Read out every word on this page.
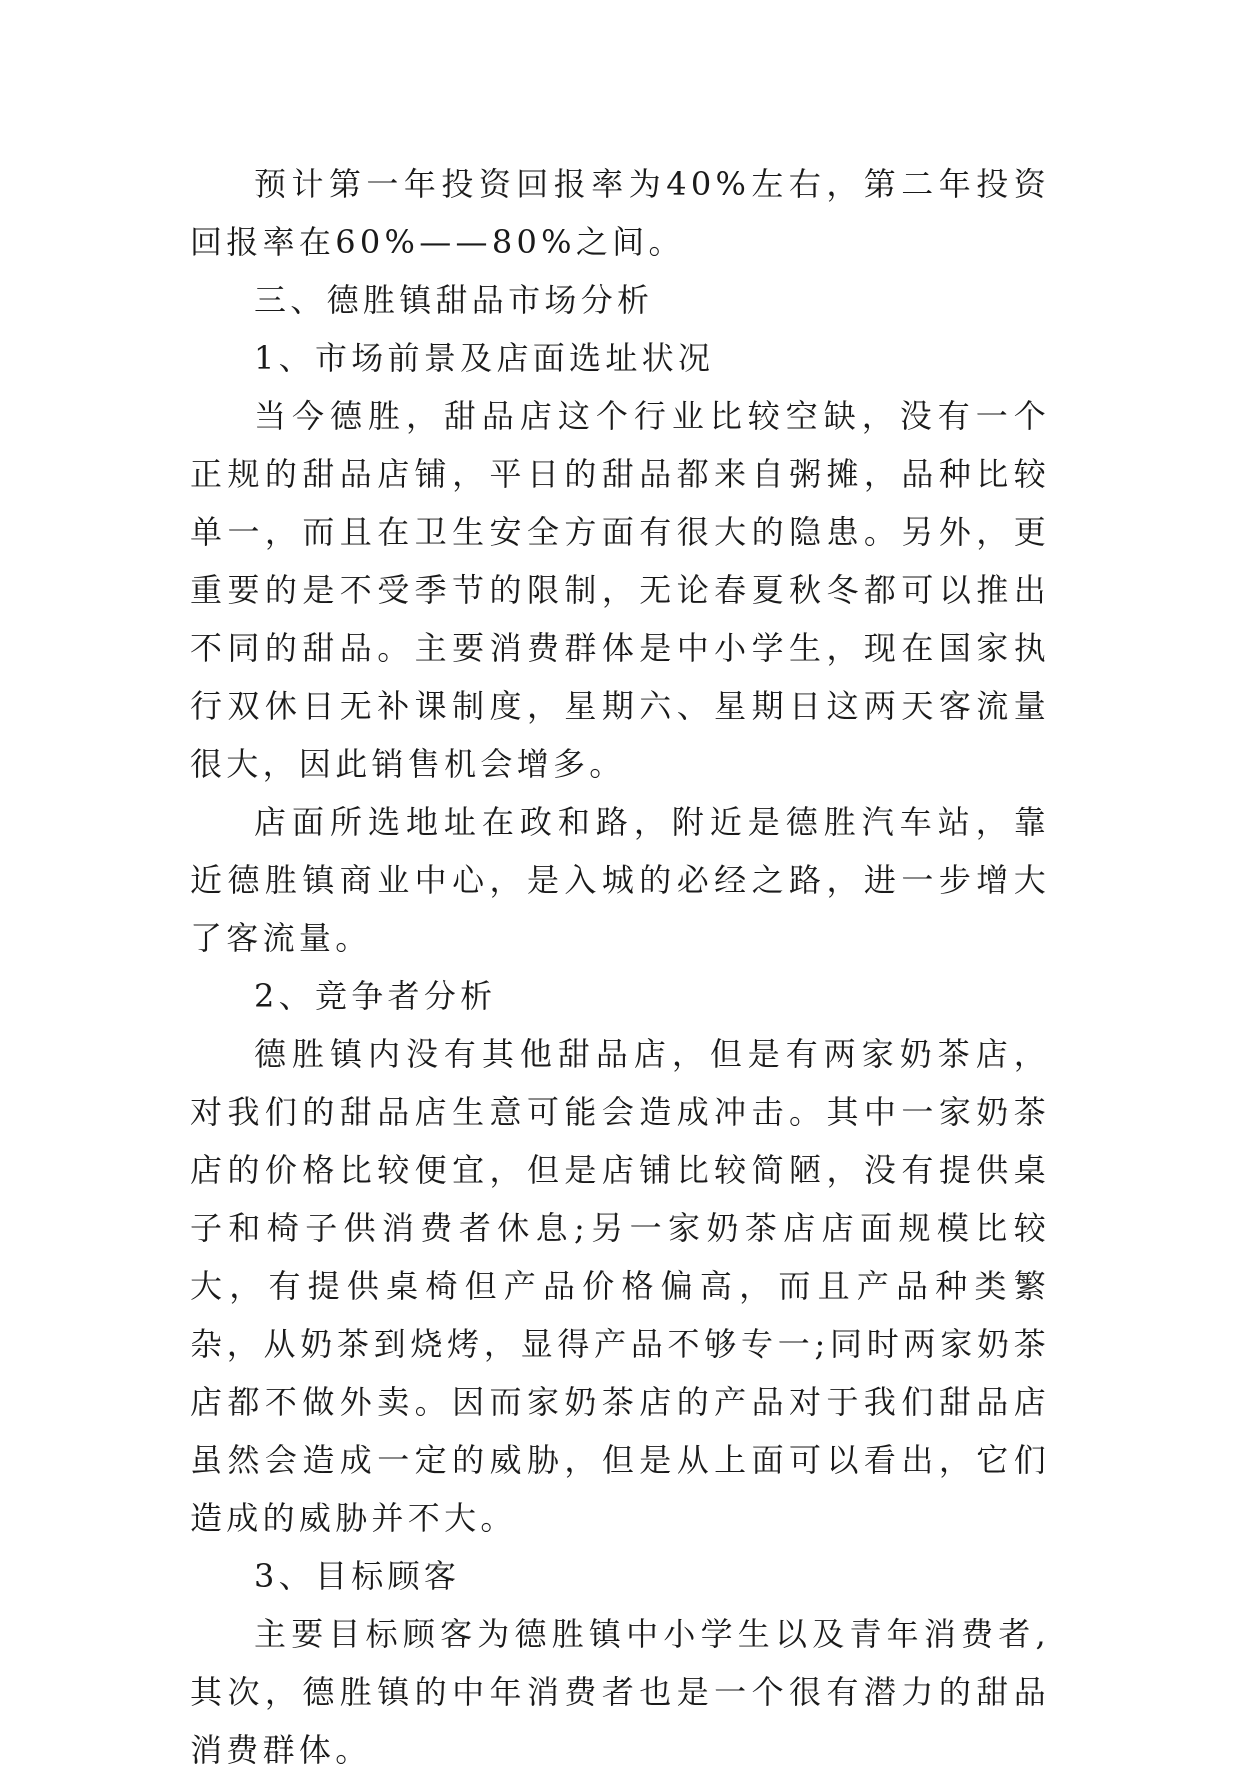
预计第一年投资回报率为40%左右，第二年投资回报率在60%——80%之间。

三、德胜镇甜品市场分析

1、市场前景及店面选址状况

当今德胜，甜品店这个行业比较空缺，没有一个正规的甜品店铺，平日的甜品都来自粥摊，品种比较单一，而且在卫生安全方面有很大的隐患。另外，更重要的是不受季节的限制，无论春夏秋冬都可以推出不同的甜品。主要消费群体是中小学生，现在国家执行双休日无补课制度，星期六、星期日这两天客流量很大，因此销售机会增多。

店面所选地址在政和路，附近是德胜汽车站，靠近德胜镇商业中心，是入城的必经之路，进一步增大了客流量。

2、竞争者分析

德胜镇内没有其他甜品店，但是有两家奶茶店，对我们的甜品店生意可能会造成冲击。其中一家奶茶店的价格比较便宜，但是店铺比较简陋，没有提供桌子和椅子供消费者休息;另一家奶茶店店面规模比较大，有提供桌椅但产品价格偏高，而且产品种类繁杂，从奶茶到烧烤，显得产品不够专一;同时两家奶茶店都不做外卖。因而家奶茶店的产品对于我们甜品店虽然会造成一定的威胁，但是从上面可以看出，它们造成的威胁并不大。

3、目标顾客

主要目标顾客为德胜镇中小学生以及青年消费者,其次，德胜镇的中年消费者也是一个很有潜力的甜品消费群体。
